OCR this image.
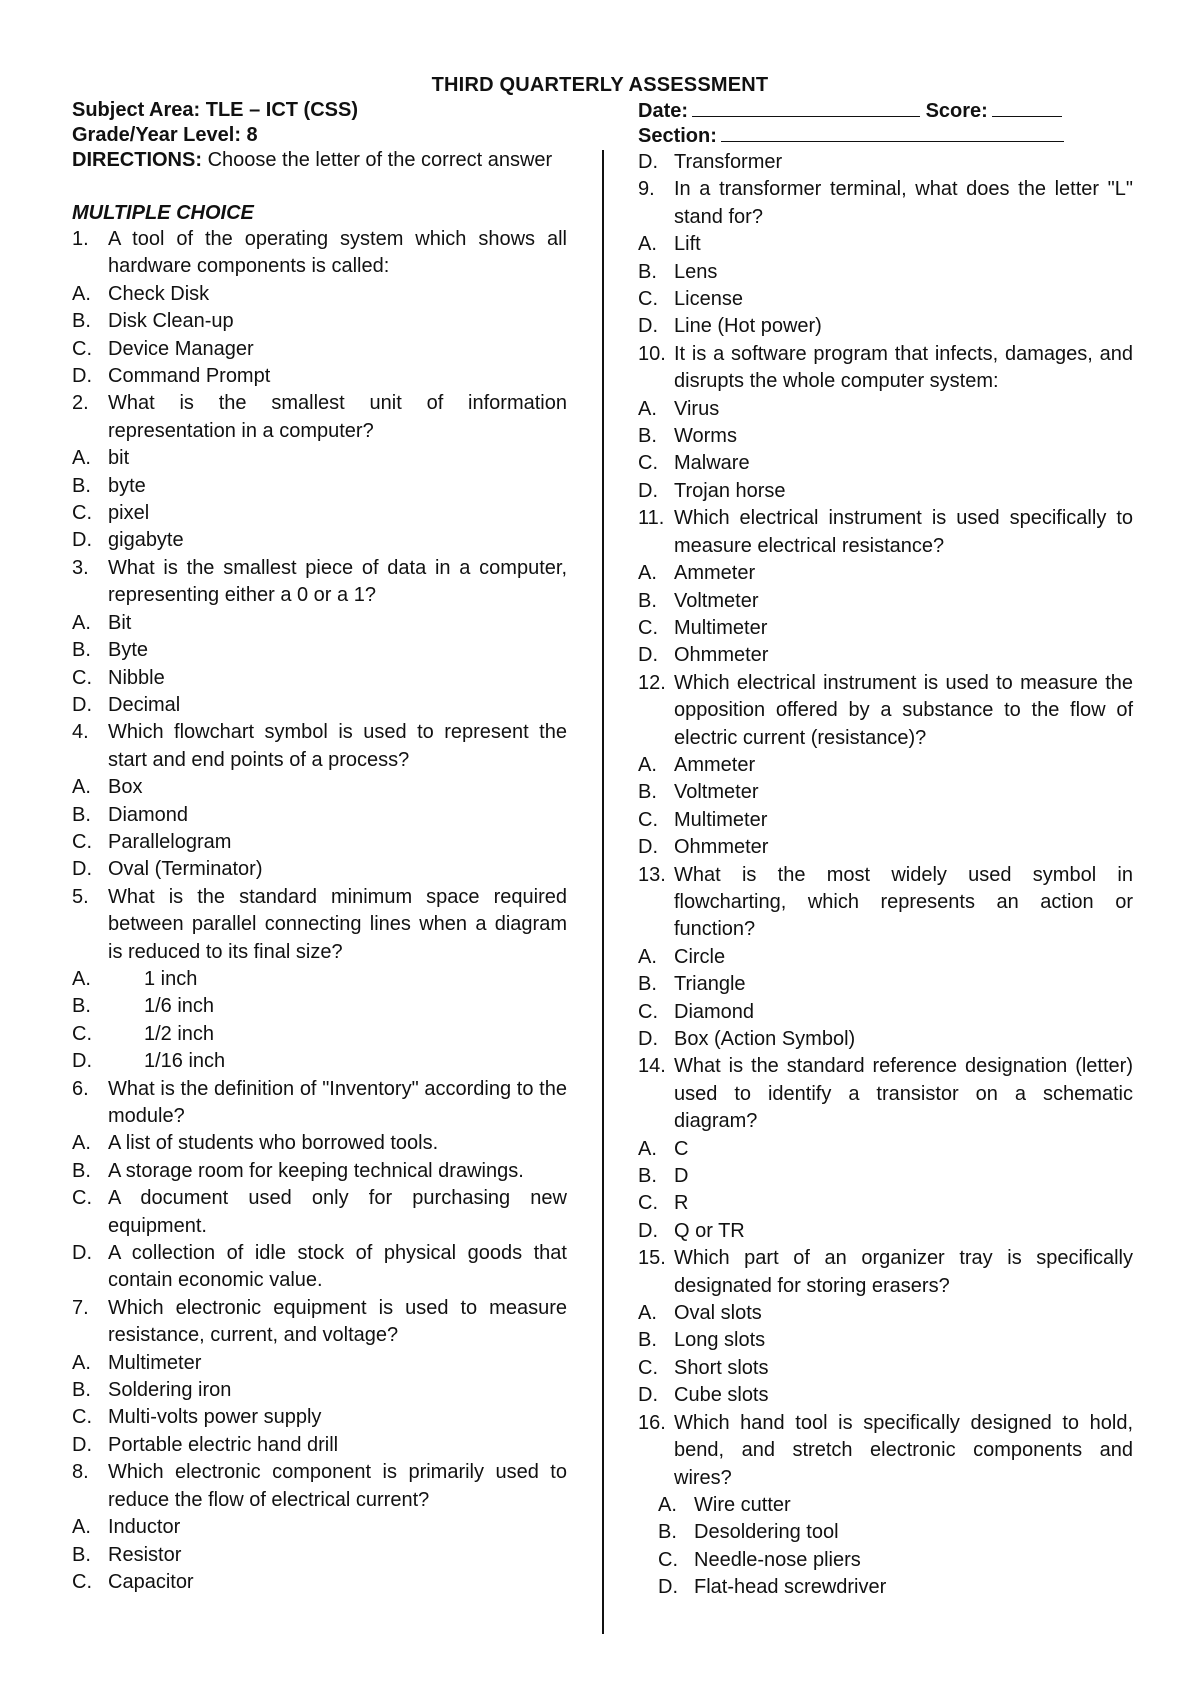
THIRD QUARTERLY ASSESSMENT
Subject Area: TLE – ICT (CSS)
Grade/Year Level: 8
DIRECTIONS: Choose the letter of the correct answer
Date:	Score:
Section:
MULTIPLE CHOICE
1. A tool of the operating system which shows all hardware components is called:
A. Check Disk
B. Disk Clean-up
C. Device Manager
D. Command Prompt
2. What is the smallest unit of information representation in a computer?
A. bit
B. byte
C. pixel
D. gigabyte
3. What is the smallest piece of data in a computer, representing either a 0 or a 1?
A. Bit
B. Byte
C. Nibble
D. Decimal
4. Which flowchart symbol is used to represent the start and end points of a process?
A. Box
B. Diamond
C. Parallelogram
D. Oval (Terminator)
5. What is the standard minimum space required between parallel connecting lines when a diagram is reduced to its final size?
A.	1 inch
B.	1/6 inch
C.	1/2 inch
D.	1/16 inch
6. What is the definition of "Inventory" according to the module?
A. A list of students who borrowed tools.
B. A storage room for keeping technical drawings.
C. A document used only for purchasing new equipment.
D. A collection of idle stock of physical goods that contain economic value.
7. Which electronic equipment is used to measure resistance, current, and voltage?
A. Multimeter
B. Soldering iron
C. Multi-volts power supply
D. Portable electric hand drill
8. Which electronic component is primarily used to reduce the flow of electrical current?
A. Inductor
B. Resistor
C. Capacitor
D. Transformer
9. In a transformer terminal, what does the letter "L" stand for?
A. Lift
B. Lens
C. License
D. Line (Hot power)
10. It is a software program that infects, damages, and disrupts the whole computer system:
A. Virus
B. Worms
C. Malware
D. Trojan horse
11. Which electrical instrument is used specifically to measure electrical resistance?
A. Ammeter
B. Voltmeter
C. Multimeter
D. Ohmmeter
12. Which electrical instrument is used to measure the opposition offered by a substance to the flow of electric current (resistance)?
A. Ammeter
B. Voltmeter
C. Multimeter
D. Ohmmeter
13. What is the most widely used symbol in flowcharting, which represents an action or function?
A. Circle
B. Triangle
C. Diamond
D. Box (Action Symbol)
14. What is the standard reference designation (letter) used to identify a transistor on a schematic diagram?
A. C
B. D
C. R
D. Q or TR
15. Which part of an organizer tray is specifically designated for storing erasers?
A. Oval slots
B. Long slots
C. Short slots
D. Cube slots
16. Which hand tool is specifically designed to hold, bend, and stretch electronic components and wires?
A. Wire cutter
B. Desoldering tool
C. Needle-nose pliers
D. Flat-head screwdriver
